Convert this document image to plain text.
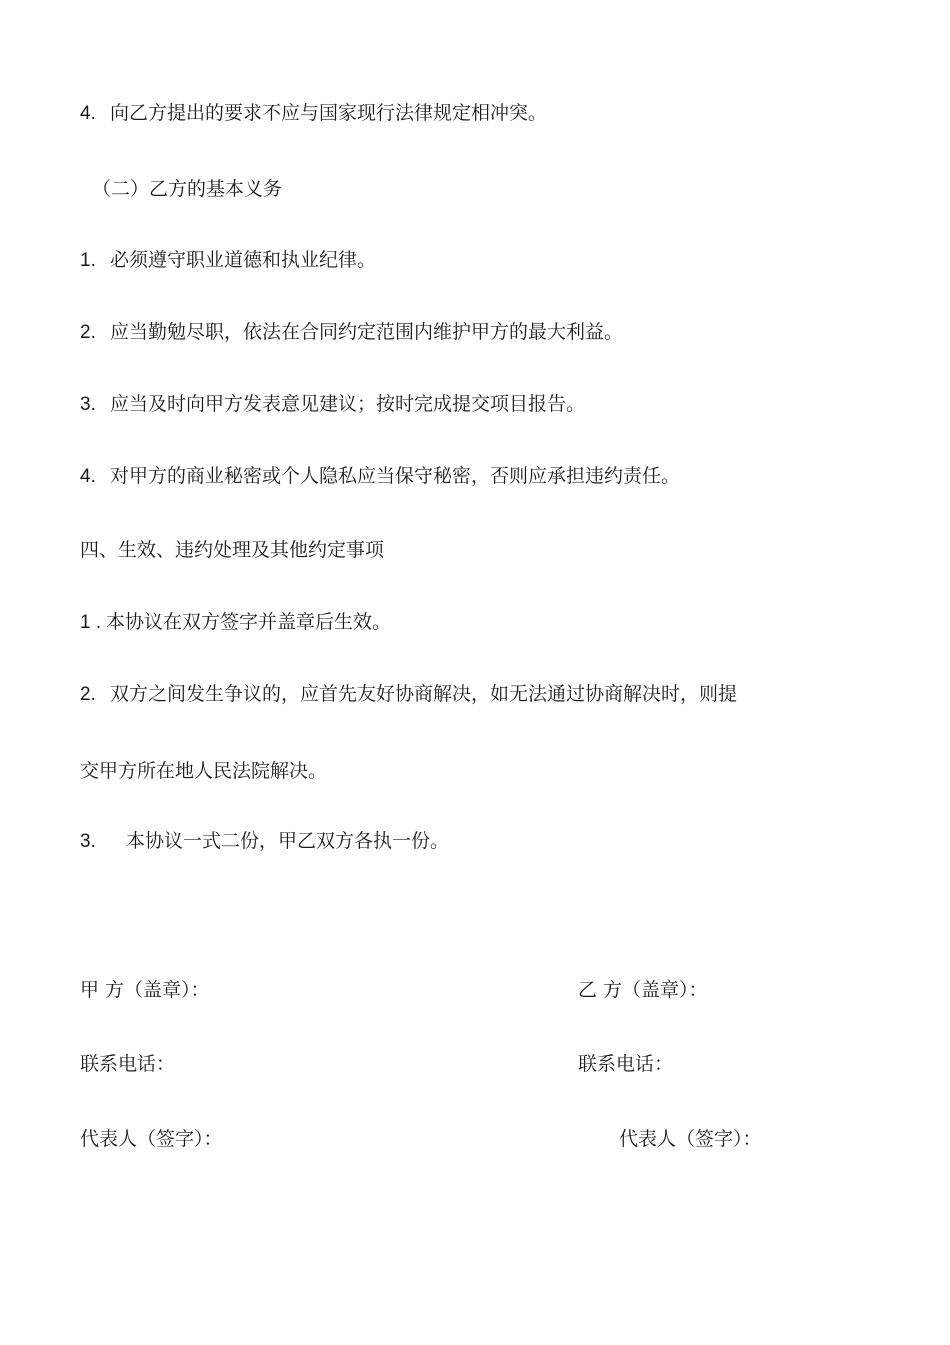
4. 向乙方提出的要求不应与国家现行法律规定相冲突。
（二）乙方的基本义务
1. 必须遵守职业道德和执业纪律。
2. 应当勤勉尽职，依法在合同约定范围内维护甲方的最大利益。
3. 应当及时向甲方发表意见建议；按时完成提交项目报告。
4. 对甲方的商业秘密或个人隐私应当保守秘密，否则应承担违约责任。
四、生效、违约处理及其他约定事项
1 . 本协议在双方签字并盖章后生效。
2. 双方之间发生争议的，应首先友好协商解决，如无法通过协商解决时，则提
交甲方所在地人民法院解决。
3. 本协议一式二份，甲乙双方各执一份。
甲 方（盖章）：	乙 方（盖章）：
联系电话：	联系电话：
代表人（签字）：	代表人（签字）：
